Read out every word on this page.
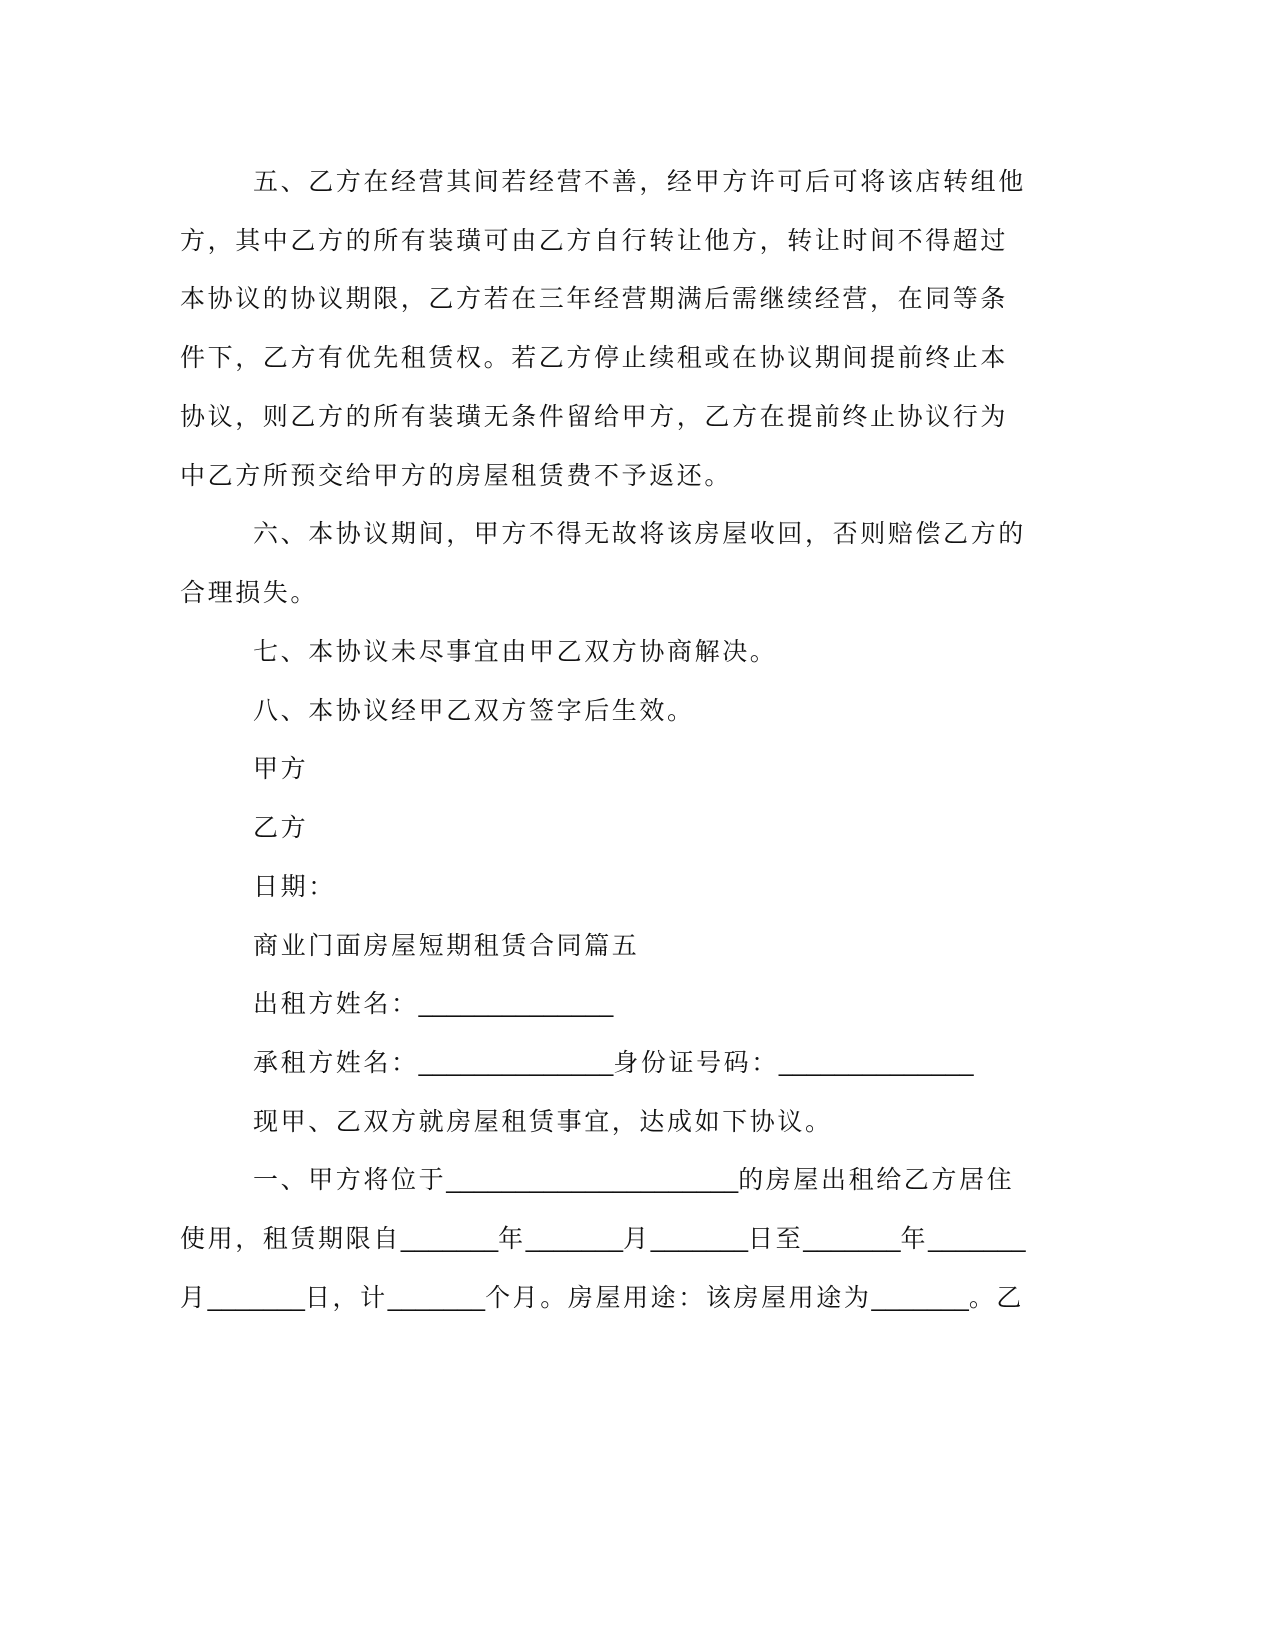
五、乙方在经营其间若经营不善，经甲方许可后可将该店转组他
方，其中乙方的所有装璜可由乙方自行转让他方，转让时间不得超过
本协议的协议期限，乙方若在三年经营期满后需继续经营，在同等条
件下，乙方有优先租赁权。若乙方停止续租或在协议期间提前终止本
协议，则乙方的所有装璜无条件留给甲方，乙方在提前终止协议行为
中乙方所预交给甲方的房屋租赁费不予返还。
六、本协议期间，甲方不得无故将该房屋收回，否则赔偿乙方的
合理损失。
七、本协议未尽事宜由甲乙双方协商解决。
八、本协议经甲乙双方签字后生效。
甲方
乙方
日期：
商业门面房屋短期租赁合同篇五
出租方姓名：______________
承租方姓名：______________身份证号码：______________
现甲、乙双方就房屋租赁事宜，达成如下协议。
一、甲方将位于_____________________的房屋出租给乙方居住
使用，租赁期限自_______年_______月_______日至_______年_______
月_______日，计_______个月。房屋用途：该房屋用途为_______。乙
